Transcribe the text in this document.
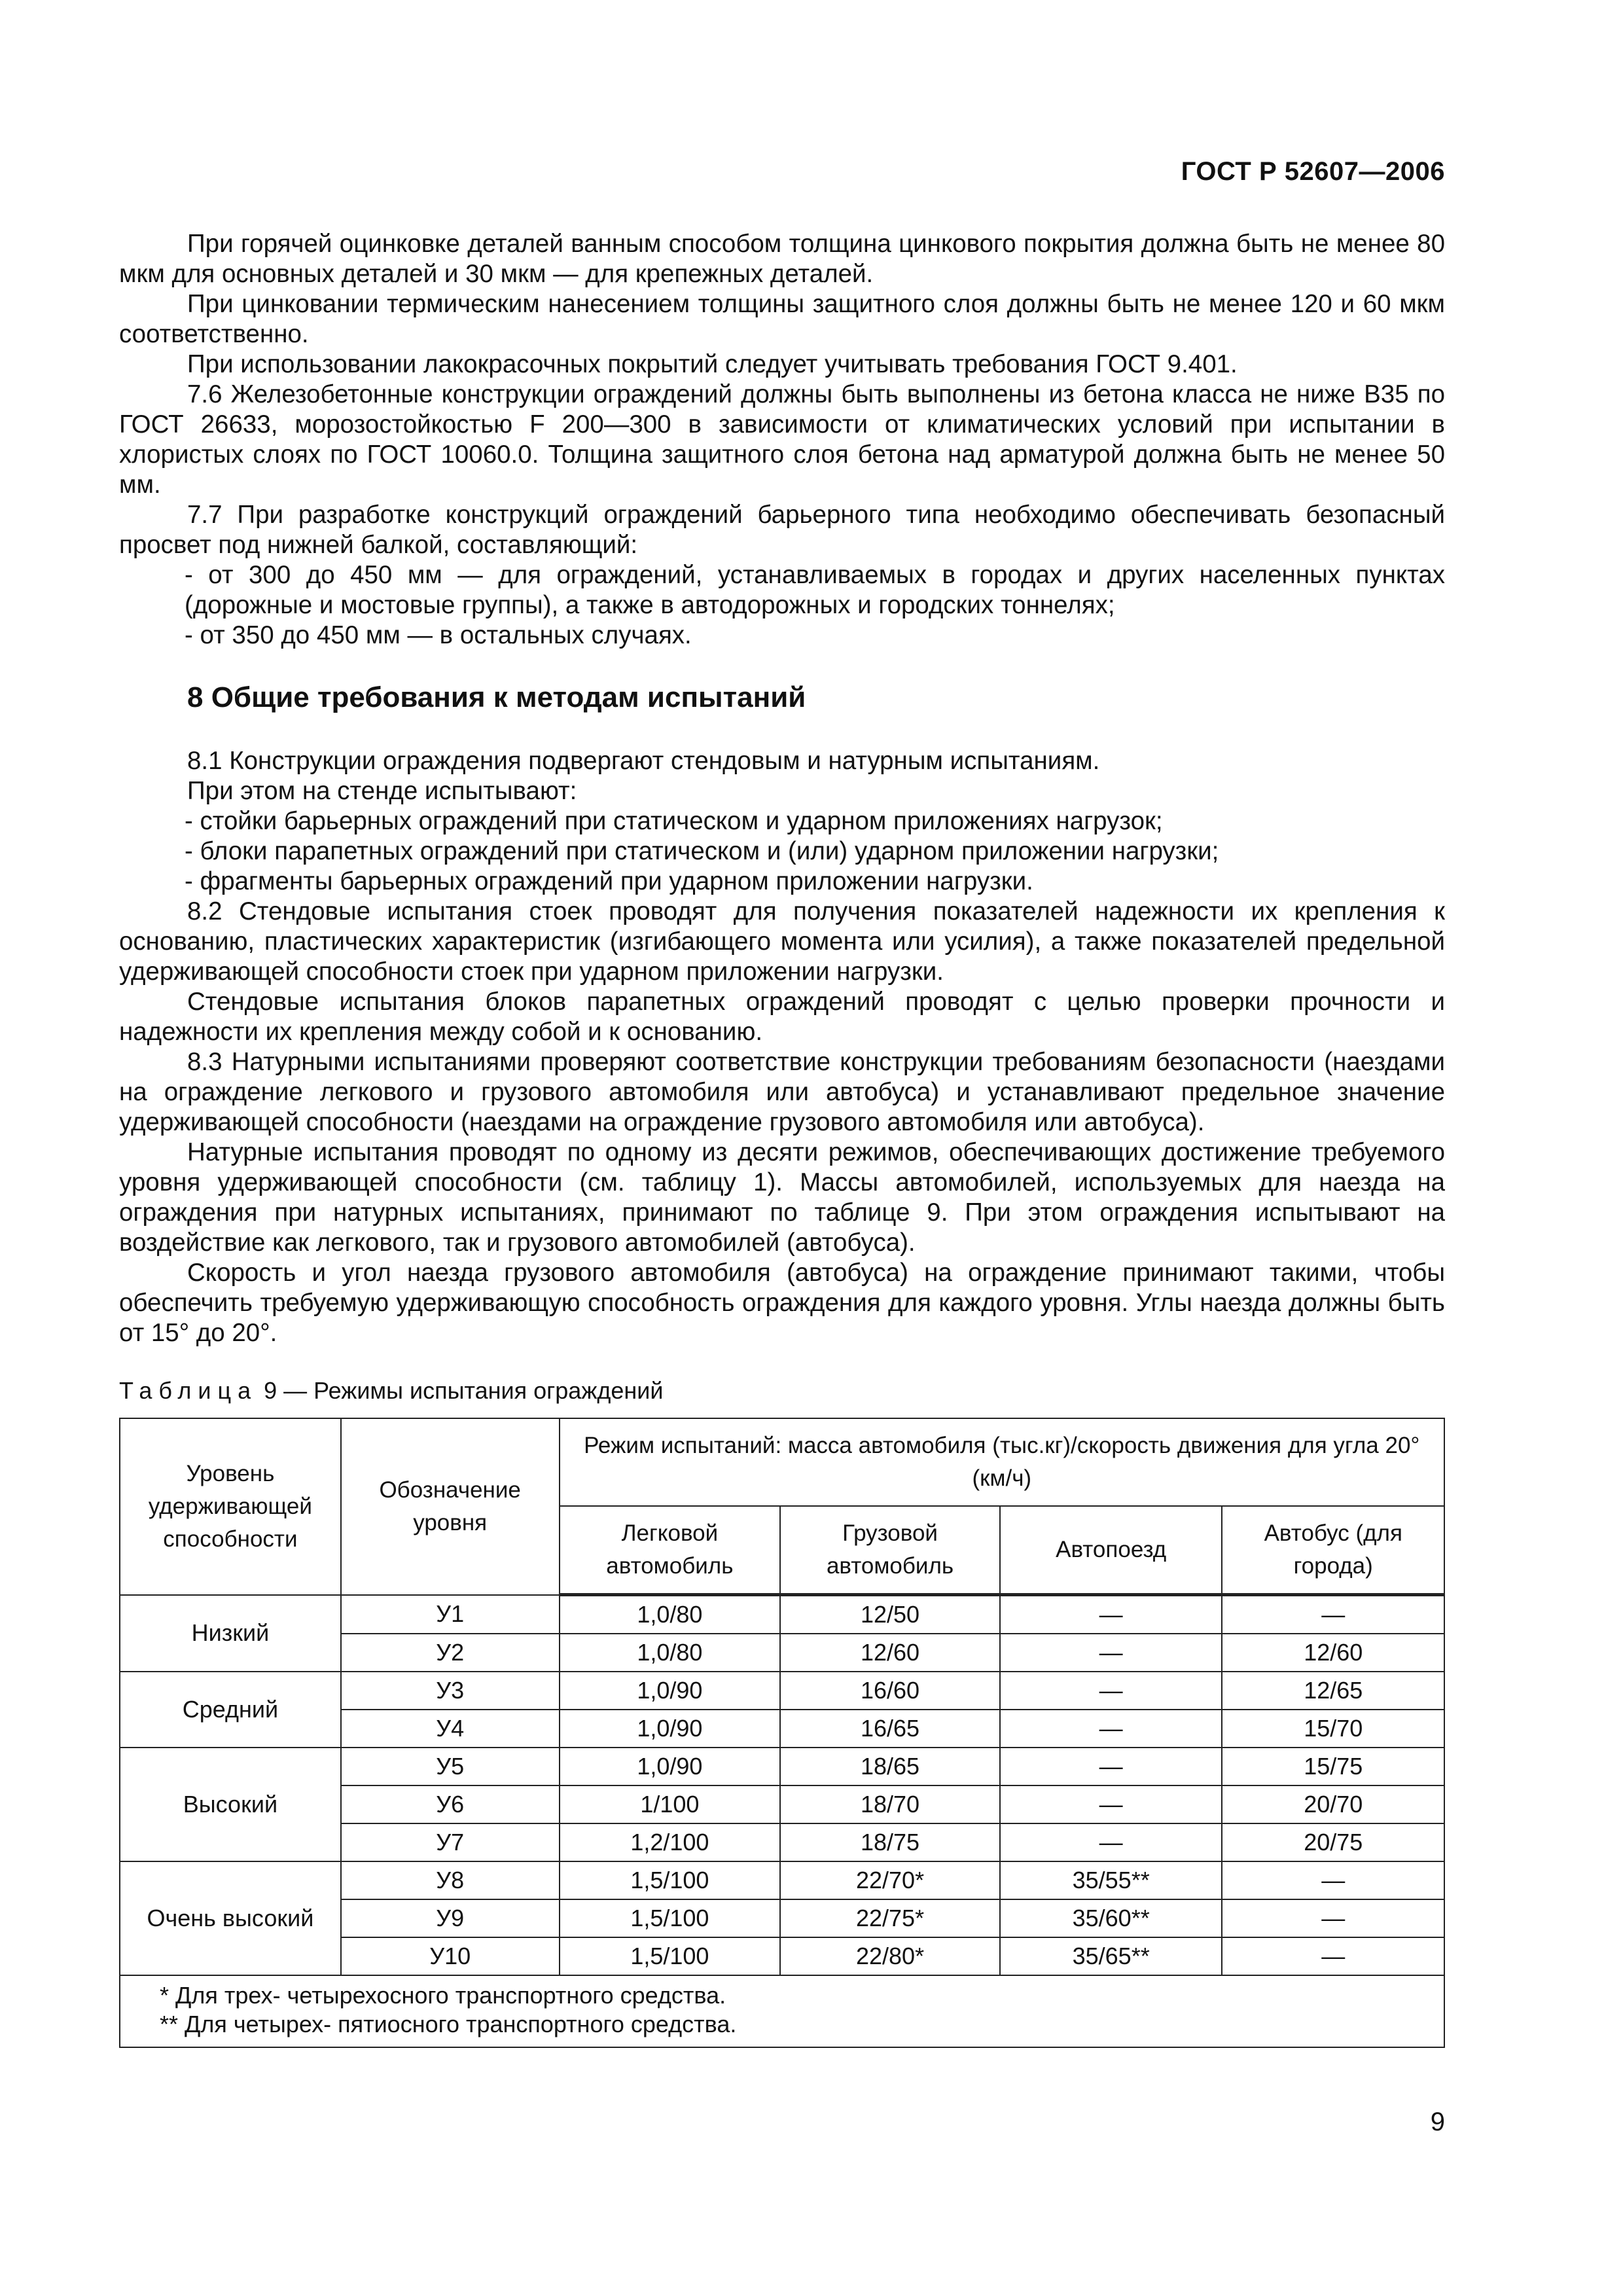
ГОСТ Р 52607—2006

При горячей оцинковке деталей ванным способом толщина цинкового покрытия должна быть не менее 80 мкм для основных деталей и 30 мкм — для крепежных деталей.

При цинковании термическим нанесением толщины защитного слоя должны быть не менее 120 и 60 мкм соответственно.

При использовании лакокрасочных покрытий следует учитывать требования ГОСТ 9.401.

7.6 Железобетонные конструкции ограждений должны быть выполнены из бетона класса не ниже В35 по ГОСТ 26633, морозостойкостью F 200—300 в зависимости от климатических условий при испытании в хлористых слоях по ГОСТ 10060.0. Толщина защитного слоя бетона над арматурой должна быть не менее 50 мм.

7.7 При разработке конструкций ограждений барьерного типа необходимо обеспечивать безопасный просвет под нижней балкой, составляющий:

- от 300 до 450 мм — для ограждений, устанавливаемых в городах и других населенных пунктах (дорожные и мостовые группы), а также в автодорожных и городских тоннелях;

- от 350 до 450 мм — в остальных случаях.

8 Общие требования к методам испытаний

8.1 Конструкции ограждения подвергают стендовым и натурным испытаниям.

При этом на стенде испытывают:

- стойки барьерных ограждений при статическом и ударном приложениях нагрузок;

- блоки парапетных ограждений при статическом и (или) ударном приложении нагрузки;

- фрагменты барьерных ограждений при ударном приложении нагрузки.

8.2 Стендовые испытания стоек проводят для получения показателей надежности их крепления к основанию, пластических характеристик (изгибающего момента или усилия), а также показателей предельной удерживающей способности стоек при ударном приложении нагрузки.

Стендовые испытания блоков парапетных ограждений проводят с целью проверки прочности и надежности их крепления между собой и к основанию.

8.3 Натурными испытаниями проверяют соответствие конструкции требованиям безопасности (наездами на ограждение легкового и грузового автомобиля или автобуса) и устанавливают предельное значение удерживающей способности (наездами на ограждение грузового автомобиля или автобуса).

Натурные испытания проводят по одному из десяти режимов, обеспечивающих достижение требуемого уровня удерживающей способности (см. таблицу 1). Массы автомобилей, используемых для наезда на ограждения при натурных испытаниях, принимают по таблице 9. При этом ограждения испытывают на воздействие как легкового, так и грузового автомобилей (автобуса).

Скорость и угол наезда грузового автомобиля (автобуса) на ограждение принимают такими, чтобы обеспечить требуемую удерживающую способность ограждения для каждого уровня. Углы наезда должны быть от 15° до 20°.

Таблица 9 — Режимы испытания ограждений
Уровень удерживающей способности	Обозначение уровня	Режим испытаний: масса автомобиля (тыс.кг)/скорость движения для угла 20° (км/ч)			
		Легковой автомобиль	Грузовой автомобиль	Автопоезд	Автобус (для города)
Низкий	У1	1,0/80	12/50	—	—
	У2	1,0/80	12/60	—	12/60
Средний	У3	1,0/90	16/60	—	12/65
	У4	1,0/90	16/65	—	15/70
Высокий	У5	1,0/90	18/65	—	15/75
	У6	1/100	18/70	—	20/70
	У7	1,2/100	18/75	—	20/75
Очень высокий	У8	1,5/100	22/70*	35/55**	—
	У9	1,5/100	22/75*	35/60**	—
	У10	1,5/100	22/80*	35/65**	—

* Для трех- четырехосного транспортного средства.
** Для четырех- пятиосного транспортного средства.					
9
